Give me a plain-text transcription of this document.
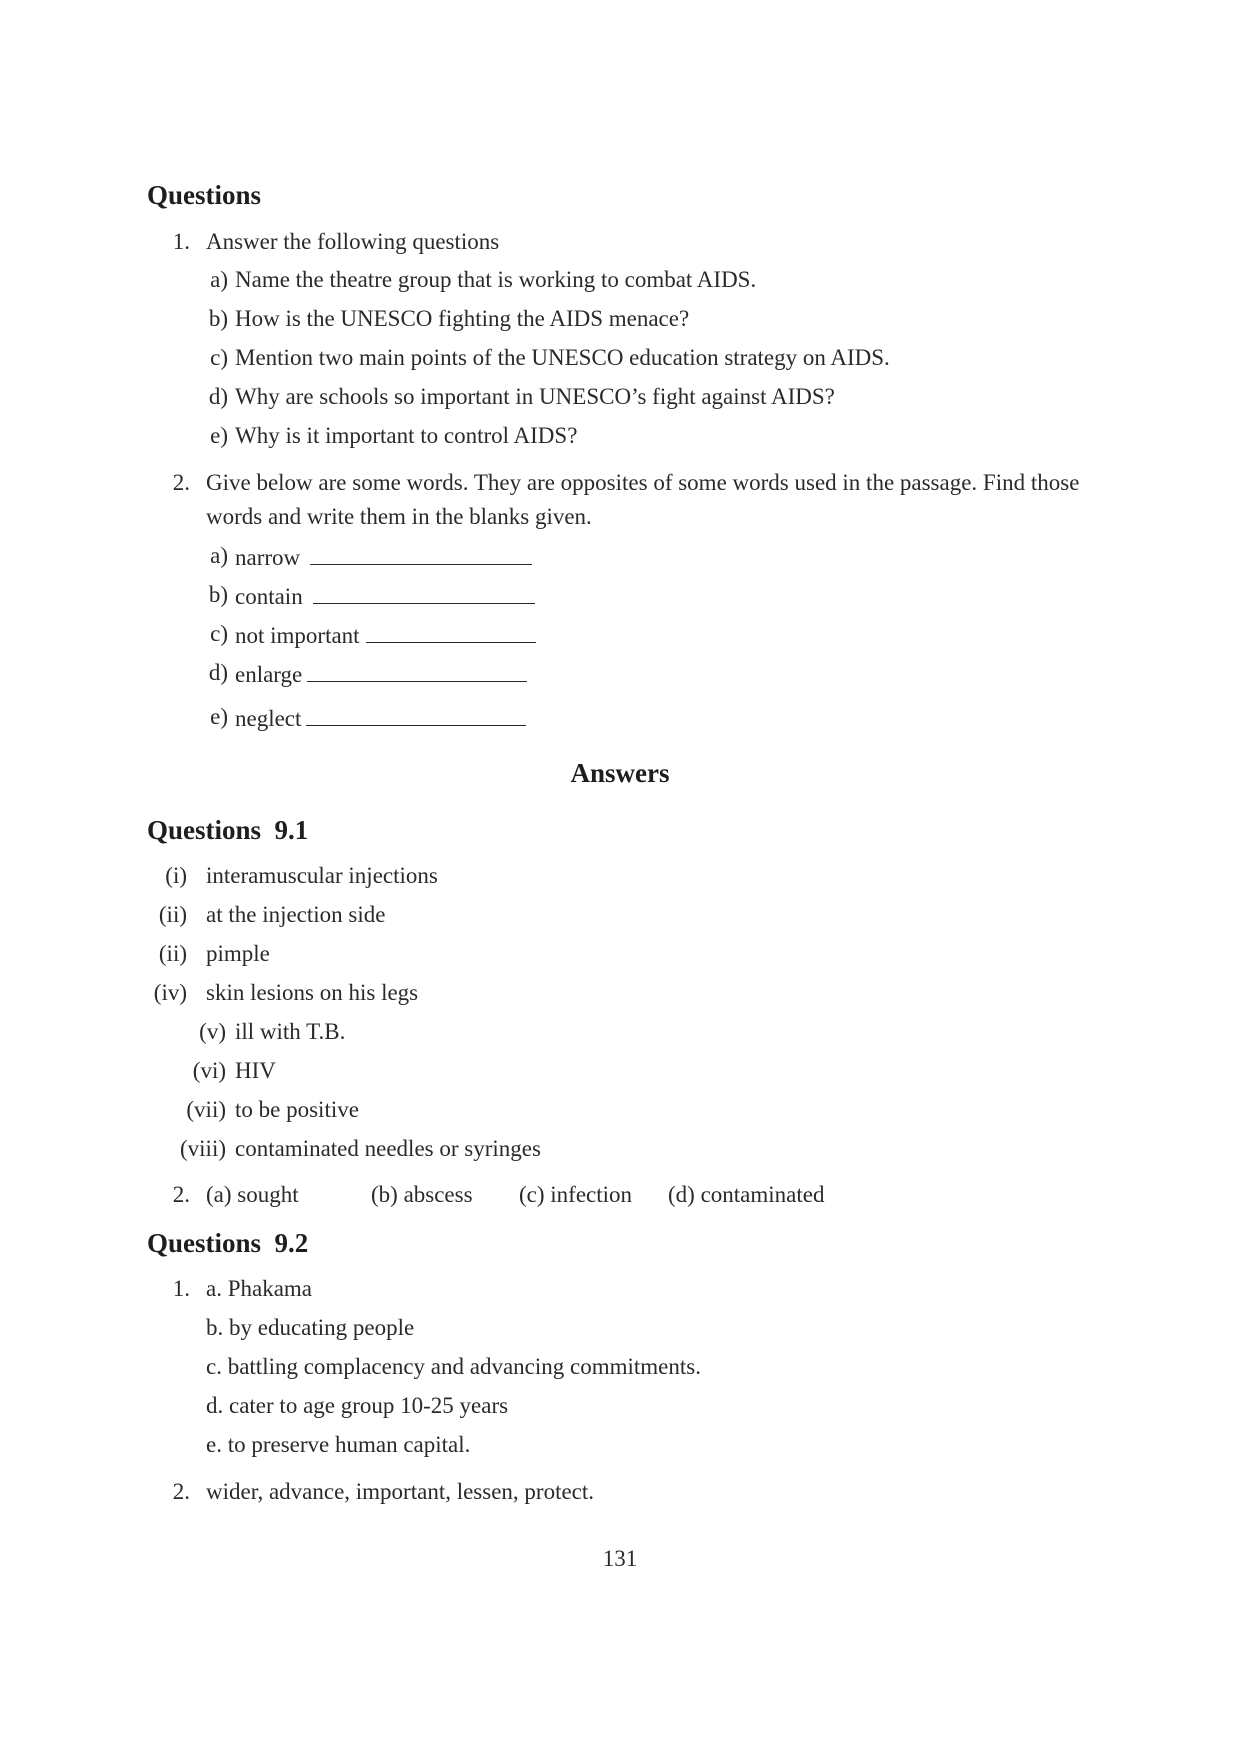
Questions
1. Answer the following questions
a) Name the theatre group that is working to combat AIDS.
b) How is the UNESCO fighting the AIDS menace?
c) Mention two main points of the UNESCO education strategy on AIDS.
d) Why are schools so important in UNESCO’s fight against AIDS?
e) Why is it important to control AIDS?
2. Give below are some words. They are opposites of some words used in the passage. Find those
words and write them in the blanks given.
a) narrow
b) contain
c) not important
d) enlarge
e) neglect
Answers
Questions  9.1
(i) interamuscular injections
(ii) at the injection side
(ii) pimple
(iv) skin lesions on his legs
(v) ill with T.B.
(vi) HIV
(vii) to be positive
(viii) contaminated needles or syringes
2. (a) sought	(b) abscess (c) infection (d) contaminated
Questions  9.2
1. a. Phakama
b. by educating people
c. battling complacency and advancing commitments.
d. cater to age group 10-25 years
e. to preserve human capital.
2. wider, advance, important, lessen, protect.
131
